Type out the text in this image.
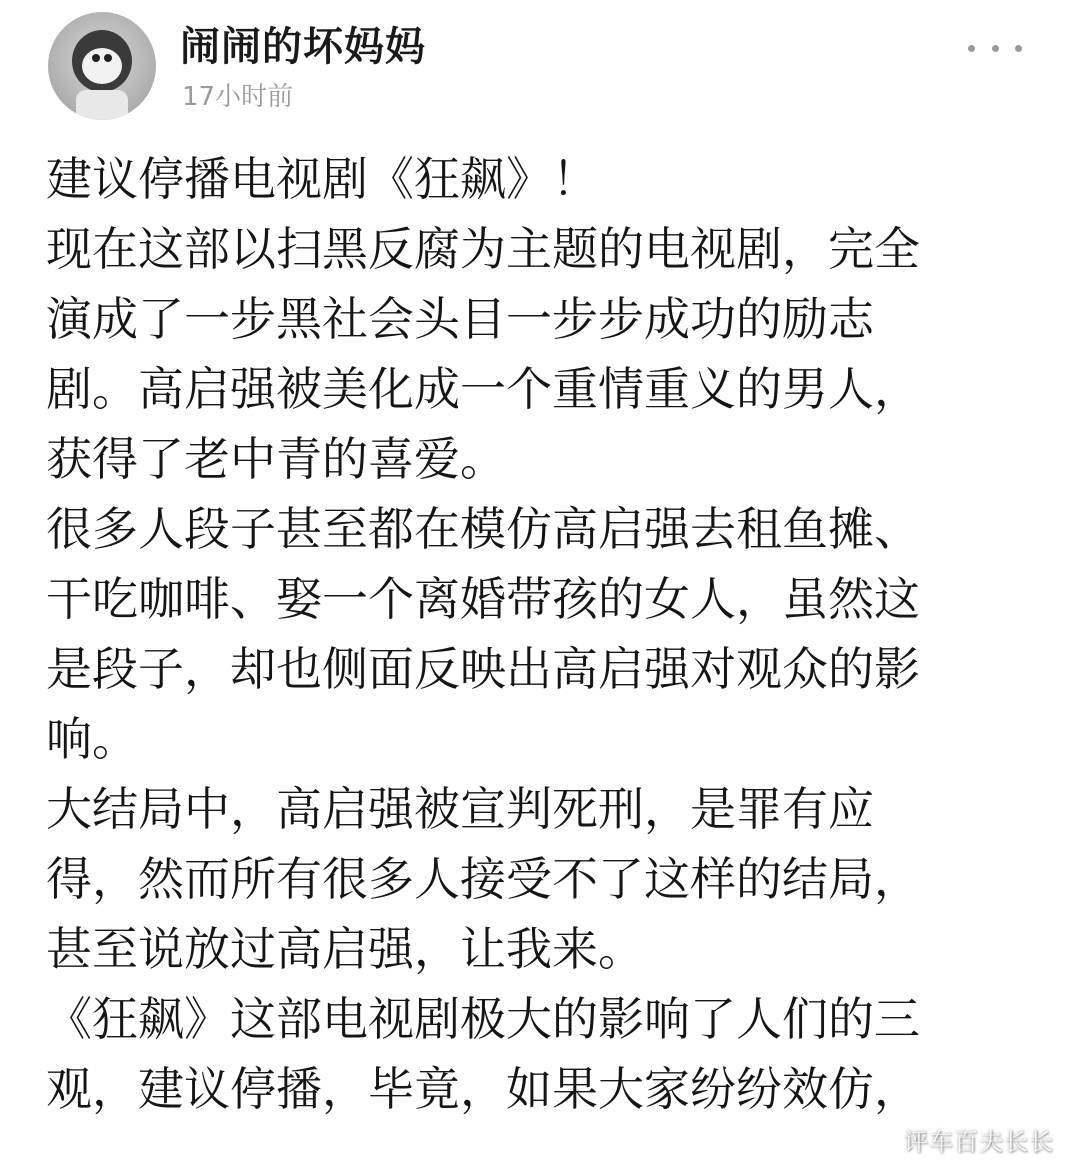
闹闹的坏妈妈
17小时前
建议停播电视剧《狂飙》！
现在这部以扫黑反腐为主题的电视剧，完全
演成了一步黑社会头目一步步成功的励志
剧。高启强被美化成一个重情重义的男人，
获得了老中青的喜爱。
很多人段子甚至都在模仿高启强去租鱼摊、
干吃咖啡、娶一个离婚带孩的女人，虽然这
是段子，却也侧面反映出高启强对观众的影
响。
大结局中，高启强被宣判死刑，是罪有应
得，然而所有很多人接受不了这样的结局，
甚至说放过高启强，让我来。
《狂飙》这部电视剧极大的影响了人们的三
观，建议停播，毕竟，如果大家纷纷效仿，
评车百夫长长
